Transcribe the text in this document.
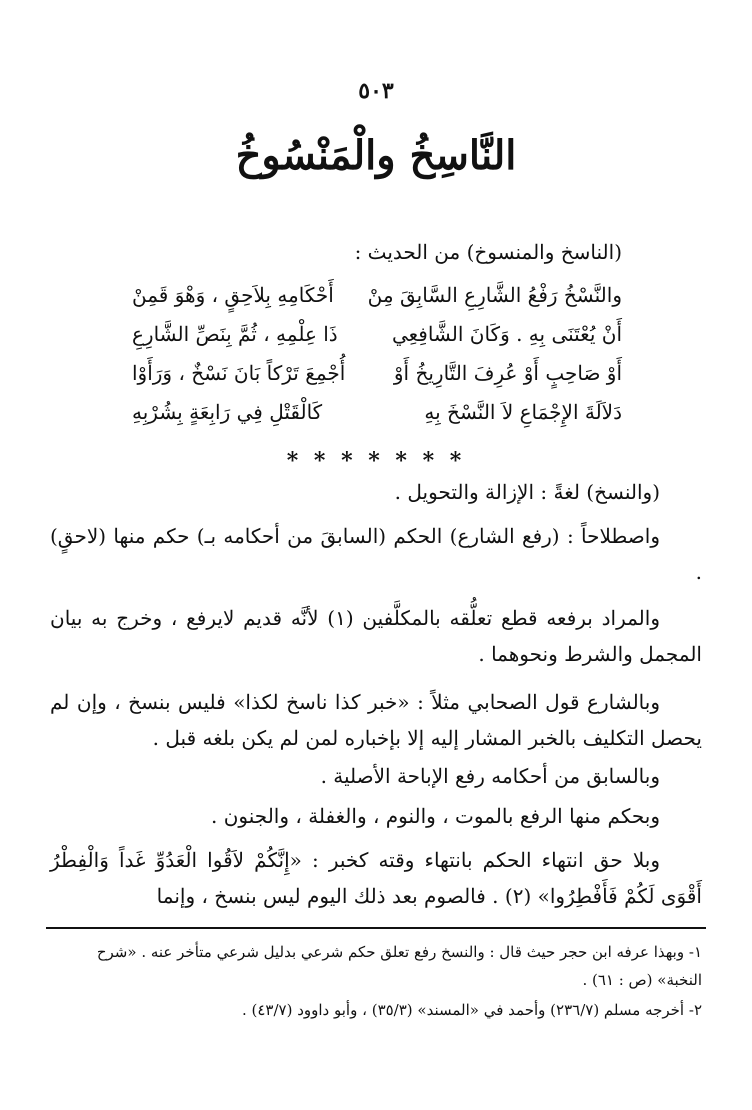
٥٠٣
النَّاسِخُ والْمَنْسُوخُ
(الناسخ والمنسوخ) من الحديث :
والنَّسْخُ رَفْعُ الشَّارِعِ السَّابِقَ مِنْ
أَحْكَامِهِ بِلاَحِقٍ ، وَهْوَ قَمِنْ
أَنْ يُعْتَنَى بِهِ . وَكَانَ الشَّافِعِي
ذَا عِلْمِهِ ، ثُمَّ بِنَصِّ الشَّارِعِ
أَوْ صَاحِبٍ أَوْ عُرِفَ التَّارِيخُ أَوْ
أُجْمِعَ تَرْكاً بَانَ نَسْخٌ ، وَرَأَوْا
دَلاَلَةَ الإِجْمَاعِ لاَ النَّسْخَ بِهِ
كَالْقَتْلِ فِي رَابِعَةٍ بِشُرْبِهِ
* * * * * * *
(والنسخ) لغةً : الإزالة والتحويل .
واصطلاحاً : (رفع الشارع) الحكم (السابقَ من أحكامه بـ) حكم منها (لاحقٍ) .
والمراد برفعه قطع تعلُّقه بالمكلَّفين (١) لأنَّه قديم لايرفع ، وخرج به بيان المجمل والشرط ونحوهما .
وبالشارع قول الصحابي مثلاً : «خبر كذا ناسخ لكذا» فليس بنسخ ، وإن لم يحصل التكليف بالخبر المشار إليه إلا بإخباره لمن لم يكن بلغه قبل .
وبالسابق من أحكامه رفع الإباحة الأصلية .
وبحكم منها الرفع بالموت ، والنوم ، والغفلة ، والجنون .
وبلا حق انتهاء الحكم بانتهاء وقته كخبر : «إِنَّكُمْ لاَقُوا الْعَدُوِّ غَداً وَالْفِطْرُ أَقْوَى لَكُمْ فَأَفْطِرُوا» (٢) . فالصوم بعد ذلك اليوم ليس بنسخ ، وإنما
١- وبهذا عرفه ابن حجر حيث قال : والنسخ رفع تعلق حكم شرعي بدليل شرعي متأخر عنه . «شرح النخبة» (ص : ٦١) .
٢- أخرجه مسلم (٢٣٦/٧) وأحمد في «المسند» (٣٥/٣) ، وأبو داوود (٤٣/٧) .
